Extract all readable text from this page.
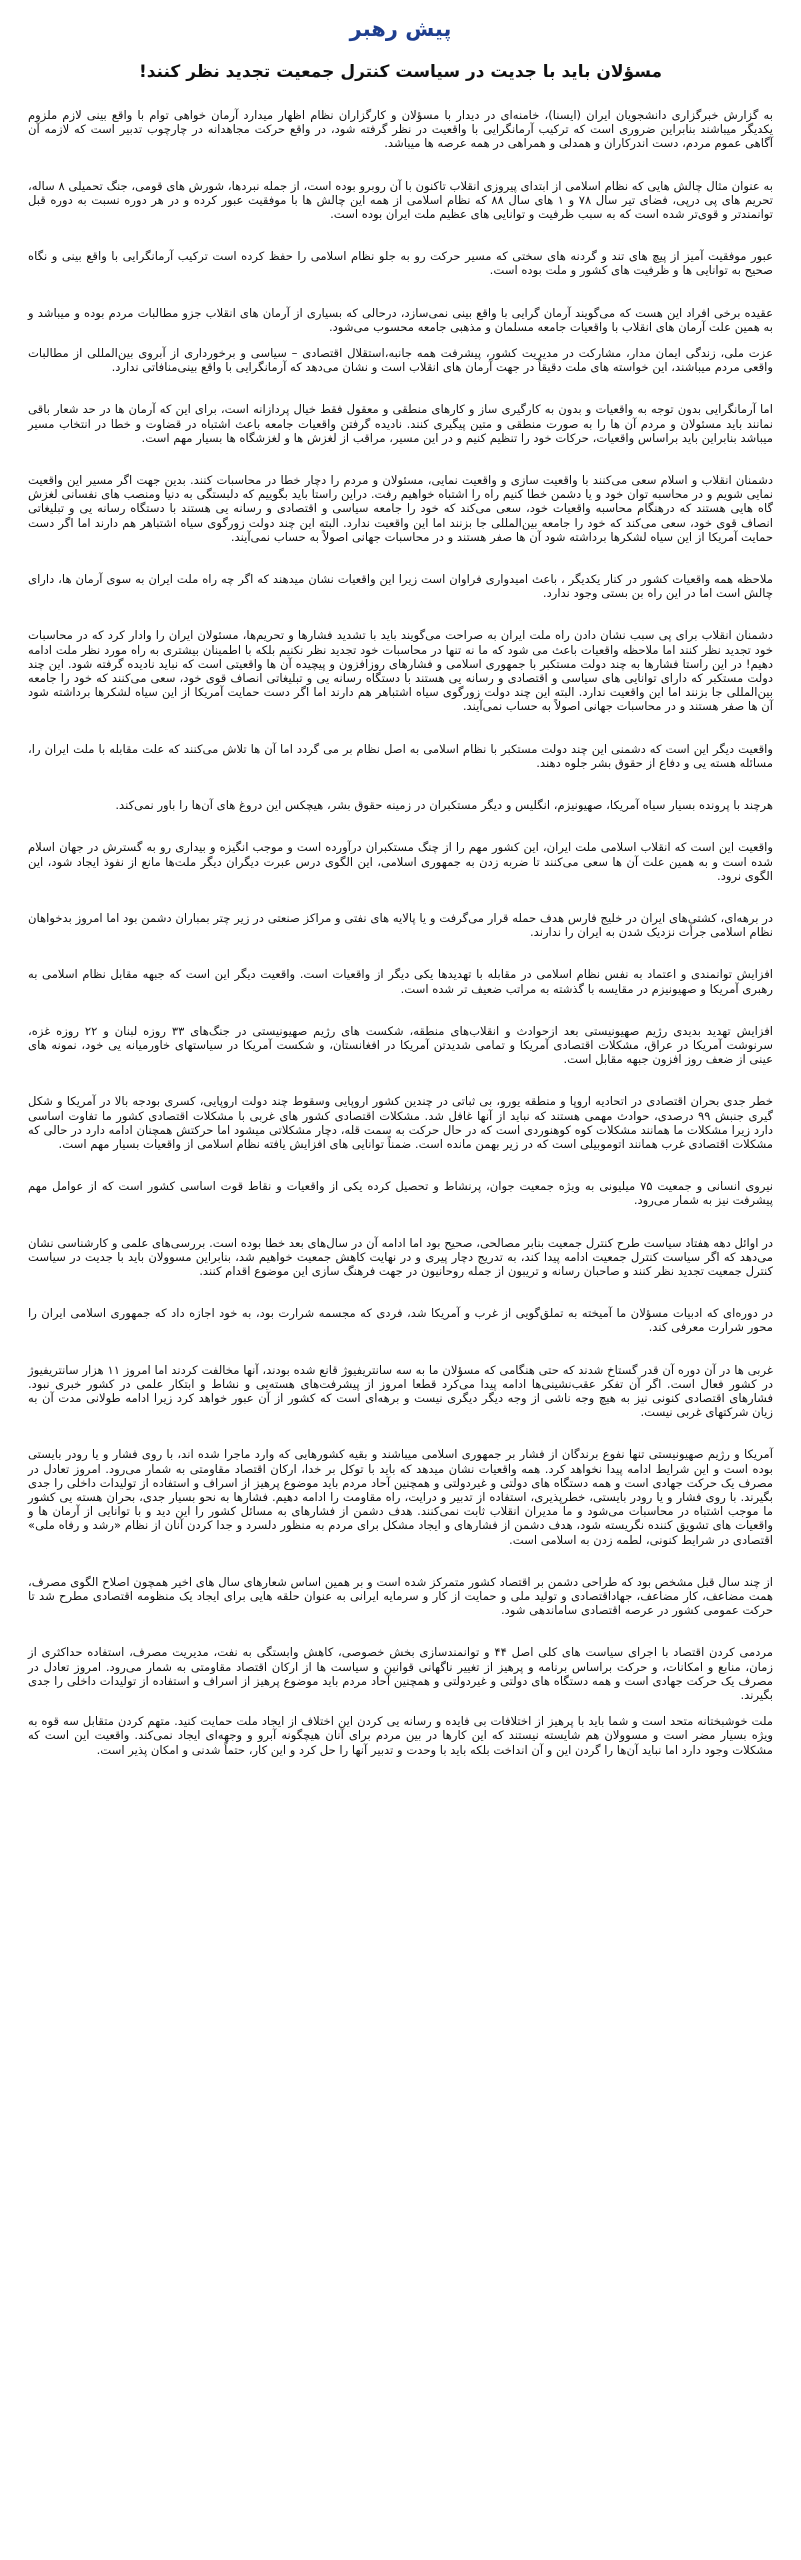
پیش رهبر
مسؤلان باید با جدیت در سیاست کنترل جمعیت تجدید نظر کنند!

به گزارش خبرگزاری دانشجویان ایران (ایسنا)، خامنه‌ای در دیدار با مسؤلان و کارگزاران نظام اظهار میدارد آرمان خواهی توام با واقع بینی لازم ملزوم یکدیگر میباشند بنابراین ضروری است که ترکیب آرمانگرایی با واقعیت در نظر گرفته شود، در واقع حرکت مجاهدانه در چارچوب تدبیر است که لازمه آن آگاهی عموم مردم، دست اندرکاران و همدلی و همراهی در همه عرصه ها میباشد.

به عنوان مثال چالش هایی که نظام اسلامی از ابتدای پیروزی انقلاب تاکنون با آن روبرو بوده است، از جمله نبردها، شورش های قومی، جنگ تحمیلی ۸ ساله، تحریم های پی درپی، فضای تیر سال ۷۸ و ۱ های سال ۸۸ که نظام اسلامی از همه این چالش ها با موفقیت عبور کرده و در هر دوره نسبت به دوره قبل توانمندتر و قوی‌تر شده است که به سبب ظرفیت و توانایی های عظیم ملت ایران بوده است.

عبور موفقیت آمیز از پیچ های تند و گردنه های سختی که مسیر حرکت رو به جلو نظام اسلامی را حفظ کرده است ترکیب آرمانگرایی با واقع بینی و نگاه صحیح به توانایی ها و ظرفیت های کشور و ملت بوده است.

عقیده برخی افراد این هست که می‌گویند آرمان گرایی با واقع بینی نمی‌سازد، درحالی که بسیاری از آرمان های انقلاب جزو مطالبات مردم بوده و میباشد و به همین علت آرمان های انقلاب با واقعیات جامعه مسلمان و مذهبی جامعه محسوب می‌شود.

عزت ملی، زندگی ایمان مدار، مشارکت در مدیریت کشور، پیشرفت همه جانبه،استقلال اقتصادی – سیاسی و برخورداری از آبروی بین‌المللی از مطالبات واقعی مردم میباشند، این خواسته های ملت دقیقاً در جهت آرمان های انقلاب است و نشان می‌دهد که آرمانگرایی با واقع بینی‌منافاتی ندارد.

اما آرمانگرایی بدون توجه به واقعیات و بدون به کارگیری ساز و کارهای منطقی و معقول فقط خیال پردازانه است، برای این که آرمان ها در حد شعار باقی نمانند باید مسئولان و مردم آن ها را به صورت منطقی و متین پیگیری کنند. نادیده گرفتن واقعیات جامعه باعث اشتباه در قضاوت و خطا در انتخاب مسیر میباشد بنابراین باید براساس واقعیات، حرکات خود را تنظیم کنیم و در این مسیر، مراقب از لغزش ها و لغزشگاه ها بسیار مهم است.

دشمنان انقلاب و اسلام سعی می‌کنند با واقعیت سازی و واقعیت نمایی، مسئولان و مردم را دچار خطا در محاسبات کنند. بدین جهت اگر مسیر این واقعیت نمایی شویم و در محاسبه توان خود و یا دشمن خطا کنیم راه را اشتباه خواهیم رفت. دراین راستا باید بگوییم که دلبستگی به دنیا ومنصب های نفسانی لغزش گاه هایی هستند که درهنگام محاسبه واقعیات خود، سعی می‌کند که خود را جامعه سیاسی و اقتصادی و رسانه یی هستند با دستگاه رسانه یی و تبلیغاتی انصاف قوی خود، سعی می‌کند که خود را جامعه بین‌المللی جا بزنند اما این واقعیت ندارد. البته این چند دولت زورگوی سیاه اشتباهر هم دارند اما اگر دست حمایت آمریکا از این سیاه لشکرها برداشته شود آن ها صفر هستند و در محاسبات جهانی اصولاً به حساب نمی‌آیند.

ملاحظه همه واقعیات کشور در کنار یکدیگر ، باعث امیدواری فراوان است زیرا این واقعیات نشان میدهند که اگر چه راه ملت ایران به سوی آرمان ها، دارای چالش است اما در این راه بن بستی وجود ندارد.

دشمنان انقلاب برای پی سبب نشان دادن راه ملت ایران به صراحت می‌گویند باید با تشدید فشارها و تحریم‌ها، مسئولان ایران را وادار کرد که در محاسبات خود تجدید نظر کنند اما ملاحظه واقعیات باعث می‌ شود که ما نه تنها در محاسبات خود تجدید نظر نکنیم بلکه با اطمینان بیشتری به راه مورد نظر ملت ادامه دهیم! در این راستا فشارها به چند دولت مستکبر با جمهوری اسلامی و فشارهای روزافزون و پیچیده آن ها واقعیتی است که نباید نادیده گرفته شود. این چند دولت مستکبر که دارای توانایی های سیاسی و اقتصادی و رسانه یی هستند با دستگاه رسانه یی و تبلیغاتی انصاف قوی خود، سعی می‌کنند که خود را جامعه بین‌المللی جا بزنند اما این واقعیت ندارد. البته این چند دولت زورگوی سیاه اشتباهر هم دارند اما اگر دست حمایت آمریکا از این سیاه لشکرها برداشته شود آن ها صفر هستند و در محاسبات جهانی اصولاً به حساب نمی‌آیند.

واقعیت دیگر این است که دشمنی این چند دولت مستکبر با نظام اسلامی به اصل نظام بر می گردد اما آن ها تلاش می‌کنند که علت مقابله با ملت ایران را، مسائله هسته یی و دفاع از حقوق بشر جلوه دهند.

هرچند با پرونده بسیار سیاه آمریکا، صهیونیزم، انگلیس و دیگر مستکبران در زمینه حقوق بشر، هیچکس این دروغ های آن‌ها را باور نمی‌کند.

واقعیت این است که انقلاب اسلامی ملت ایران، این کشور مهم را از چنگ مستکبران درآورده است و موجب انگیزه و بیداری رو به گسترش در جهان اسلام شده است و به همین علت آن ها سعی می‌کنند تا ضربه زدن به جمهوری اسلامی، این الگوی درس عبرت دیگران دیگر ملت‌ها مانع از نفوذ ایجاد شود، این الگوی نرود.

در برهه‌ای، کشتی‌های ایران در خلیج فارس هدف حمله قرار می‌گرفت و یا پالایه های نفتی و مراکز صنعتی در زیر چتر بمباران دشمن بود اما امروز بدخواهان نظام اسلامی جرأت نزدیک شدن به ایران را ندارند.

افزایش توانمندی و اعتماد به نفس نظام اسلامی در مقابله با تهدیدها یکی دیگر از واقعیات است. واقعیت دیگر این است که جبهه مقابل نظام اسلامی به رهبری آمریکا و صهیونیزم در مقایسه با گذشته به مراتب ضعیف تر شده است.

افزایش تهدید بدیدی رژیم صهیونیستی بعد ازحوادث و انقلاب‌های منطقه، شکست های رژیم صهیونیستی در جنگ‌های ۳۳ روزه لبنان و ۲۲ روزه غزه، سرنوشت آمریکا در عراق، مشکلات اقتصادی آمریکا و تمامی شدیدتن آمریکا در افغانستان، و شکست آمریکا در سیاستهای خاورمیانه یی خود، نمونه های عینی از ضعف روز افزون جبهه مقابل است.

خطر جدی بحران اقتصادی در اتحادیه اروپا و منطقه یورو، بی ثباتی در چندین کشور اروپایی وسقوط چند دولت اروپایی، کسری بودجه بالا در آمریکا و شکل گیری جنبش ۹۹ درصدی، حوادث مهمی هستند که نباید از آنها غافل شد. مشکلات اقتصادی کشور های غربی با مشکلات اقتصادی کشور ما تفاوت اساسی دارد زیرا مشکلات ما همانند مشکلات کوه کوهنوردی است که در حال حرکت به سمت قله، دچار مشکلاتی میشود اما حرکتش همچنان ادامه دارد در حالی که مشکلات اقتصادی غرب همانند اتوموبیلی است که در زیر بهمن مانده است. ضمناً توانایی های افزایش یافته نظام اسلامی از واقعیات بسیار مهم است.

نیروی انسانی و جمعیت ۷۵ میلیونی به ویژه جمعیت جوان، پرنشاط و تحصیل کرده یکی از واقعیات و نقاط قوت اساسی کشور است که از عوامل مهم پیشرفت نیز به شمار می‌رود.

در اوائل دهه هفتاد سیاست طرح کنترل جمعیت بنابر مصالحی، صحیح بود اما ادامه آن در سال‌های بعد خطا بوده است. بررسی‌های علمی و کارشناسی نشان می‌دهد که اگر سیاست کنترل جمعیت ادامه پیدا کند، به تدریج دچار پیری و در نهایت کاهش جمعیت خواهیم شد، بنابراین مسوولان باید با جدیت در سیاست کنترل جمعیت تجدید نظر کنند و صاحبان رسانه و تریبون از جمله روحانیون در جهت فرهنگ سازی این موضوع اقدام کنند.

در دوره‌ای که ادبیات مسؤلان ما آمیخته به تملق‌گویی از غرب و آمریکا شد، فردی که مجسمه شرارت بود، به خود اجازه داد که جمهوری اسلامی ایران را محور شرارت معرفی کند.

غربی ها در آن دوره آن قدر گستاخ شدند که حتی هنگامی که مسؤلان ما به سه سانتریفیوژ قانع شده بودند، آنها مخالفت کردند اما امروز ۱۱ هزار سانتریفیوژ در کشور فعال است. اگر آن تفکر عقب‌نشینی‌ها ادامه پیدا می‌کرد قطعا امروز از پیشرفت‌های هسته‌یی و نشاط و ابتکار علمی در کشور خبری نبود. فشارهای اقتصادی کنونی نیز به هیچ وجه ناشی از وجه دیگر دیگری نیست و برهه‌ای است که کشور از آن عبور خواهد کرد زیرا ادامه طولانی مدت آن به زیان شرکتهای غربی نیست.

آمریکا و رژیم صهیونیستی تنها نفوع برندگان از فشار بر جمهوری اسلامی میباشند و بقیه کشورهایی که وارد ماجرا شده اند، با روی فشار و یا رودر بایستی بوده است و این شرایط ادامه پیدا نخواهد کرد. همه واقعیات نشان میدهد که باید با توکل بر خدا، ارکان اقتصاد مقاومتی به شمار می‌رود. امروز تعادل در مصرف یک حرکت جهادی است و همه دستگاه های دولتی و غیردولتی و همچنین آحاد مردم باید موضوع پرهیز از اسراف و استفاده از تولیدات داخلی را جدی بگیرند. با روی فشار و یا رودر بایستی، خطرپذیری، استفاده از تدبیر و درایت، راه مقاومت را ادامه دهیم. فشار‌ها به نحو بسیار جدی، بحران هسته یی کشور ما موجب اشتباه در محاسبات می‌شود و ما مدیران انقلاب ثابت نمی‌کنند. هدف دشمن از فشارهای به مسائل کشور را این دید و با توانایی از آرمان ها و واقعیات های تشویق کننده نگریسته شود، هدف دشمن از فشارهای و ایجاد مشکل برای مردم به منظور دلسرد و جدا کردن آنان از نظام «رشد و رفاه ملی» اقتصادی در شرایط کنونی، لطمه زدن به اسلامی است.

از چند سال قبل مشخص بود که طراحی دشمن بر اقتصاد کشور متمرکز شده است و بر همین اساس شعارهای سال های اخیر همچون اصلاح الگوی مصرف، همت مضاعف، کار مضاعف، جهاداقتصادی و تولید ملی و حمایت از کار و سرمایه ایرانی به عنوان حلقه هایی برای ایجاد یک منظومه اقتصادی مطرح شد تا حرکت عمومی کشور در عرصه اقتصادی ساماندهی شود.

مردمی کردن اقتصاد با اجرای سیاست های کلی اصل ۴۴ و توانمندسازی بخش خصوصی، کاهش وابستگی به نفت، مدیریت مصرف، استفاده حداکثری از زمان، منابع و امکانات، و حرکت براساس برنامه و پرهیز از تغییر ناگهانی قوانین و سیاست ها از ارکان اقتصاد مقاومتی به شمار می‌رود. امروز تعادل در مصرف یک حرکت جهادی است و همه دستگاه های دولتی و غیردولتی و همچنین آحاد مردم باید موضوع پرهیز از اسراف و استفاده از تولیدات داخلی را جدی بگیرند.

ملت خوشبختانه متحد است و شما باید با پرهیز از اختلافات بی فایده و رسانه یی کردن این اختلاف از ایجاد ملت حمایت کنید. متهم کردن متقابل سه قوه به ویژه بسیار مضر است و مسوولان هم شایسته نیستند که این کارها در بین مردم برای آنان هیچگونه آبرو و وجهه‌ای ایجاد نمی‌کند. واقعیت این است که مشکلات وجود دارد اما نباید آن‌ها را گردن این و آن انداخت بلکه باید با وحدت و تدبیر آنها را حل کرد و این کار، حتماً شدنی و امکان پذیر است.
